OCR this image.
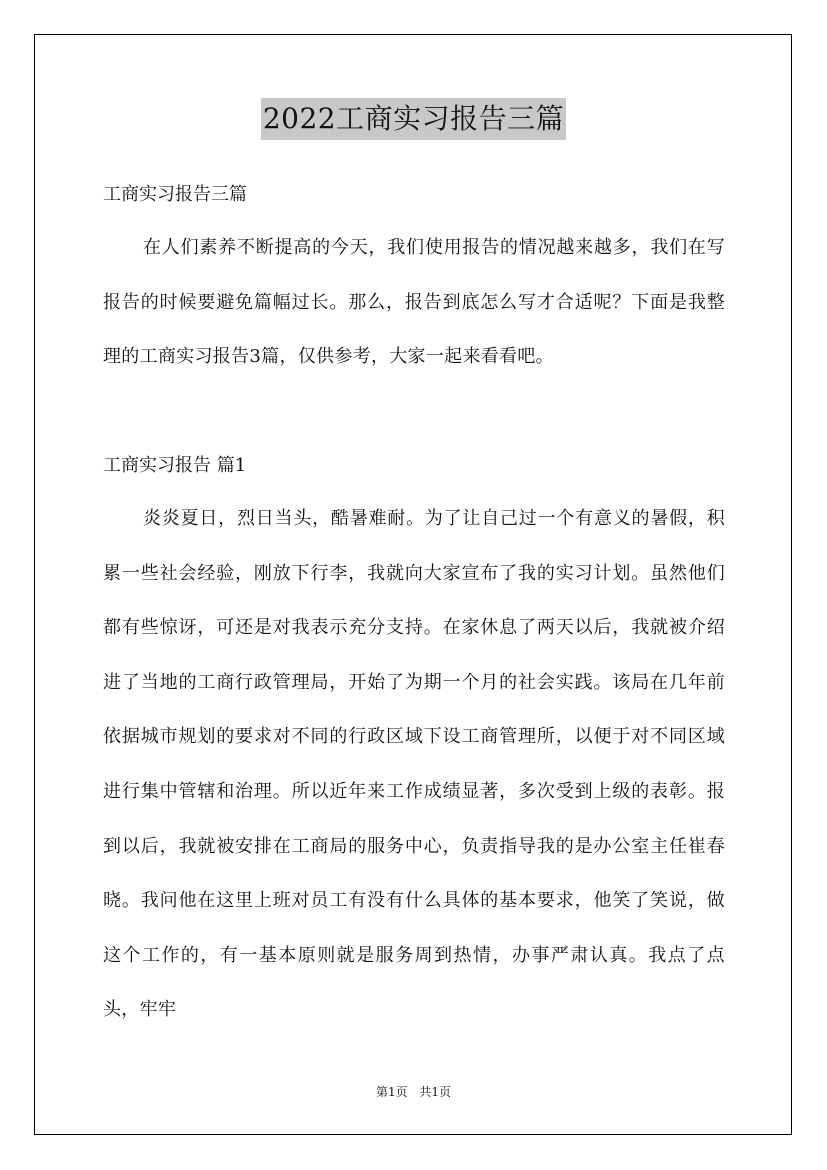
2022工商实习报告三篇
工商实习报告三篇
在人们素养不断提高的今天，我们使用报告的情况越来越多，我们在写报告的时候要避免篇幅过长。那么，报告到底怎么写才合适呢？下面是我整理的工商实习报告3篇，仅供参考，大家一起来看看吧。
工商实习报告 篇1
炎炎夏日，烈日当头，酷暑难耐。为了让自己过一个有意义的暑假，积累一些社会经验，刚放下行李，我就向大家宣布了我的实习计划。虽然他们都有些惊讶，可还是对我表示充分支持。在家休息了两天以后，我就被介绍进了当地的工商行政管理局，开始了为期一个月的社会实践。该局在几年前依据城市规划的要求对不同的行政区域下设工商管理所，以便于对不同区域进行集中管辖和治理。所以近年来工作成绩显著，多次受到上级的表彰。报到以后，我就被安排在工商局的服务中心，负责指导我的是办公室主任崔春晓。我问他在这里上班对员工有没有什么具体的基本要求，他笑了笑说，做这个工作的，有一基本原则就是服务周到热情，办事严肃认真。我点了点头，牢牢
第1页 共1页
